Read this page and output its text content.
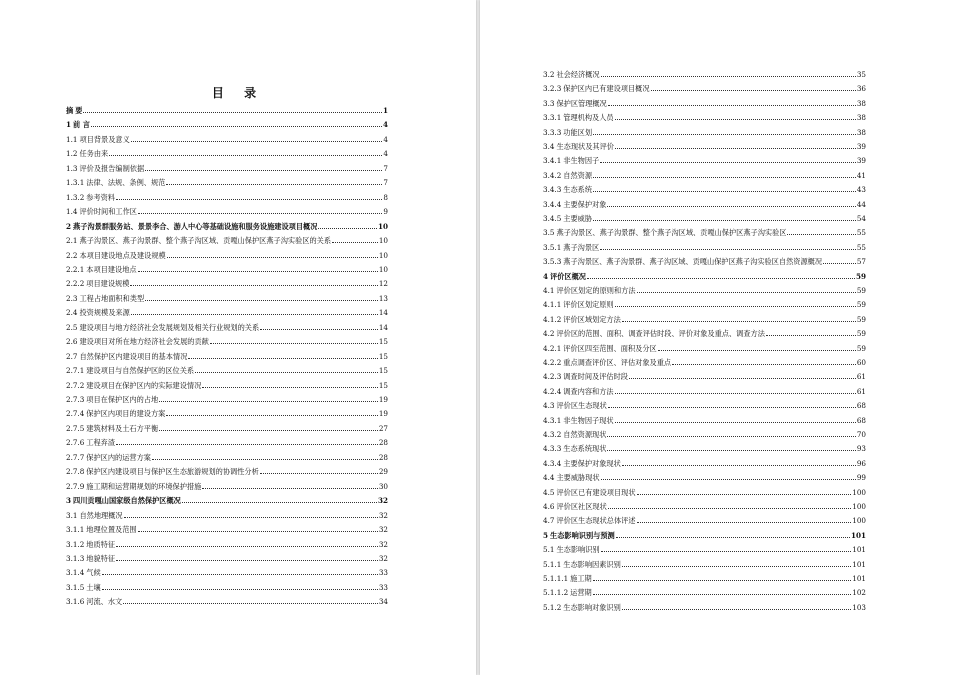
目 录
摘 要	1
1 前 言	4
1.1 项目背景及意义	4
1.2 任务由来	4
1.3 评价及报告编制依据	7
1.3.1 法律、法规、条例、规范	7
1.3.2 参考资料	8
1.4 评价时间和工作区	9
2 燕子沟景群服务站、景景李合、游人中心等基础设施和服务设施建设项目概况	10
2.1 燕子沟景区、燕子沟景群、整个燕子沟区域、贡嘎山保护区燕子沟实验区的关系	10
2.2 本项目建设地点及建设规模	10
2.2.1 本项目建设地点	10
2.2.2 项目建设规模	12
2.3 工程占地面积和类型	13
2.4 投资规模及来源	14
2.5 建设项目与地方经济社会发展规划及相关行业规划的关系	14
2.6 建设项目对所在地方经济社会发展的贡献	15
2.7 自然保护区内建设项目的基本情况	15
2.7.1 建设项目与自然保护区的区位关系	15
2.7.2 建设项目在保护区内的实际建设情况	15
2.7.3 项目在保护区内的占地	19
2.7.4 保护区内项目的建设方案	19
2.7.5 建筑材料及土石方平衡	27
2.7.6 工程弃渣	28
2.7.7 保护区内的运营方案	28
2.7.8 保护区内建设项目与保护区生态旅游规划的协调性分析	29
2.7.9 施工期和运营期规划的环境保护措施	30
3 四川贡嘎山国家级自然保护区概况	32
3.1 自然地理概况	32
3.1.1 地理位置及范围	32
3.1.2 地质特征	32
3.1.3 地貌特征	32
3.1.4 气候	33
3.1.5 土壤	33
3.1.6 河流、水文	34
3.2 社会经济概况	35
3.2.3 保护区内已有建设项目概况	36
3.3 保护区管理概况	38
3.3.1 管理机构及人员	38
3.3.3 功能区划	38
3.4 生态现状及其评价	39
3.4.1 非生物因子	39
3.4.2 自然资源	41
3.4.3 生态系统	43
3.4.4 主要保护对象	44
3.4.5 主要威胁	54
3.5 燕子沟景区、燕子沟景群、整个燕子沟区域、贡嘎山保护区燕子沟实验区	55
3.5.1 燕子沟景区	55
3.5.3 燕子沟景区、燕子沟景群、燕子沟区域、贡嘎山保护区燕子沟实验区自然资源概况	57
4 评价区概况	59
4.1 评价区划定的原则和方法	59
4.1.1 评价区划定原则	59
4.1.2 评价区域划定方法	59
4.2 评价区的范围、面积、调查评估时段、评价对象及重点、调查方法	59
4.2.1 评价区四至范围、面积及分区	59
4.2.2 重点调查评价区、评估对象及重点	60
4.2.3 调查时间及评估时段	61
4.2.4 调查内容和方法	61
4.3 评价区生态现状	68
4.3.1 非生物因子现状	68
4.3.2 自然资源现状	70
4.3.3 生态系统现状	93
4.3.4 主要保护对象现状	96
4.4 主要威胁现状	99
4.5 评价区已有建设项目现状	100
4.6 评价区社区现状	100
4.7 评价区生态现状总体评述	100
5 生态影响识别与预测	101
5.1 生态影响识别	101
5.1.1 生态影响因素识别	101
5.1.1.1 施工期	101
5.1.1.2 运营期	102
5.1.2 生态影响对象识别	103
